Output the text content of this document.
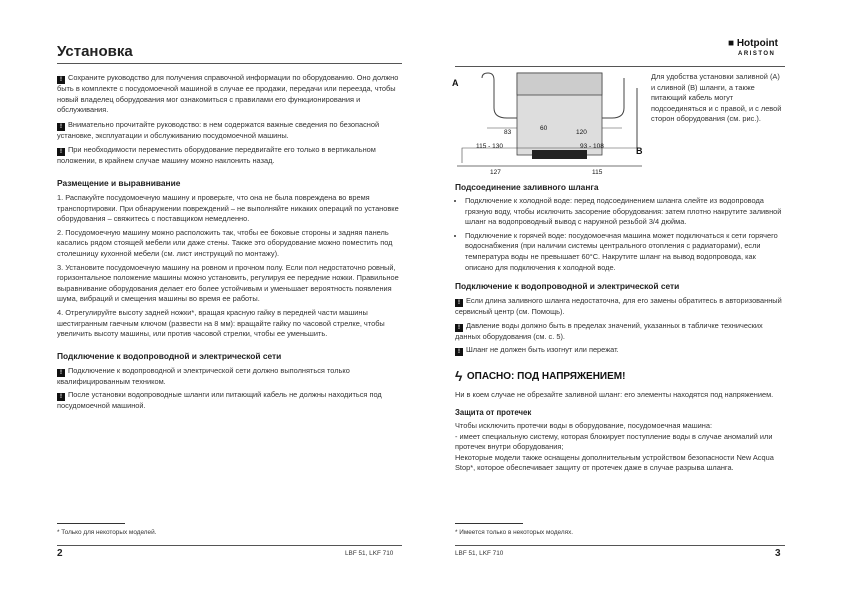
Установка

! Сохраните руководство для получения справочной информации по оборудованию. Оно должно быть в комплекте с посудомоечной машиной в случае ее продажи, передачи или переезда, чтобы новый владелец оборудования мог ознакомиться с правилами его функционирования и обслуживания.

! Внимательно прочитайте руководство: в нем содержатся важные сведения по безопасной установке, эксплуатации и обслуживанию посудомоечной машины.

! При необходимости переместить оборудование передвигайте его только в вертикальном положении, в крайнем случае машину можно наклонить назад.

Размещение и выравнивание

1. Распакуйте посудомоечную машину и проверьте, что она не была повреждена во время транспортировки. При обнаружении повреждений – не выполняйте никаких операций по установке оборудования – свяжитесь с поставщиком немедленно.

2. Посудомоечную машину можно расположить так, чтобы ее боковые стороны и задняя панель касались рядом стоящей мебели или даже стены. Также это оборудование можно поместить под столешницу кухонной мебели (см. лист инструкций по монтажу).

3. Установите посудомоечную машину на ровном и прочном полу. Если пол недостаточно ровный, горизонтальное положение машины можно установить, регулируя ее передние ножки. Правильное выравнивание оборудования делает его более устойчивым и уменьшает вероятность появления шума, вибраций и смещения машины во время ее работы.

4. Отрегулируйте высоту задней ножки*, вращая красную гайку в передней части машины шестигранным гаечным ключом (развести на 8 мм): вращайте гайку по часовой стрелке, чтобы увеличить высоту машины, или против часовой стрелки, чтобы ее уменьшить.

Подключение к водопроводной и электрической сети

! Подключение к водопроводной и электрической сети должно выполняться только квалифицированным техником.

! После установки водопроводные шланги или питающий кабель не должны находиться под посудомоечной машиной.

* Только для некоторых моделей.
2	LBF 51, LKF 710
■ Hotpoint
ARISTON
A
B
60
83	120
115 - 130	93 - 108
127	115
Для удобства установки заливной (А) и сливной (B) шланги, а также питающий кабель могут подсоединяться и с правой, и с левой сторон оборудования (см. рис.).

Подсоединение заливного шланга

• Подключение к холодной воде: перед подсоединением шланга слейте из водопровода грязную воду, чтобы исключить засорение оборудования: затем плотно накрутите заливной шланг на водопроводный вывод с наружной резьбой 3/4 дюйма.
• Подключение к горячей воде: посудомоечная машина может подключаться к сети горячего водоснабжения (при наличии системы центрального отопления с радиаторами), если температура воды не превышает 60°С. Накрутите шланг на вывод водопровода, как описано для подключения к холодной воде.

Подключение к водопроводной и электрической сети

! Если длина заливного шланга недостаточна, для его замены обратитесь в авторизованный сервисный центр (см. Помощь).

! Давление воды должно быть в пределах значений, указанных в табличке технических данных оборудования (см. с. 5).

! Шланг не должен быть изогнут или пережат.

ϟ ОПАСНО: ПОД НАПРЯЖЕНИЕМ!

Ни в коем случае не обрезайте заливной шланг: его элементы находятся под напряжением.

Защита от протечек

Чтобы исключить протечки воды в оборудование, посудомоечная машина:

- имеет специальную систему, которая блокирует поступление воды в случае аномалий или протечек внутри оборудования;

Некоторые модели также оснащены дополнительным устройством безопасности New Acqua Stop*, которое обеспечивает защиту от протечек даже в случае разрыва шланга.

* Имеется только в некоторых моделях.
LBF 51, LKF 710	3
